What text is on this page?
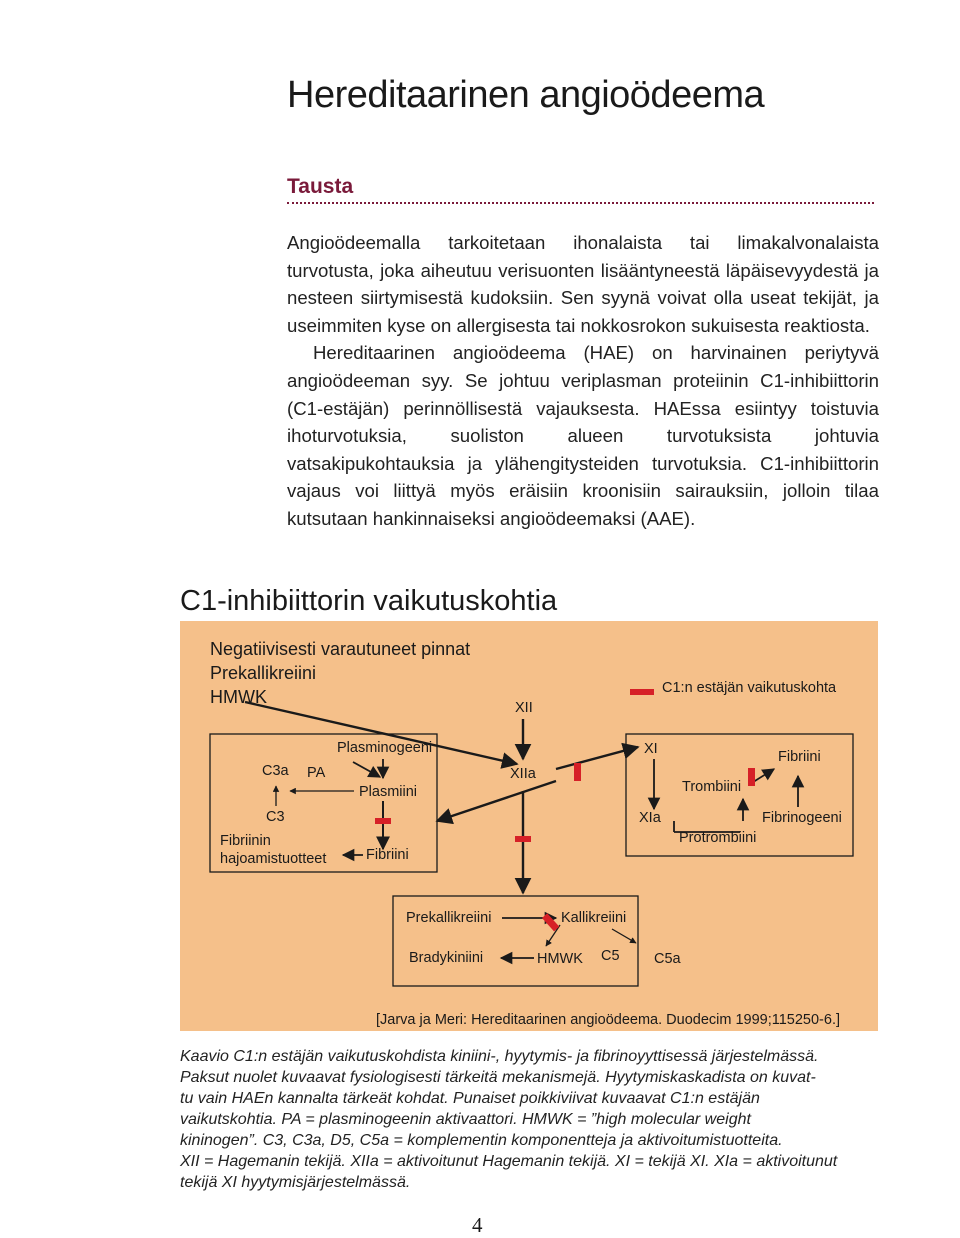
Hereditaarinen angioödeema
Tausta

Angioödeemalla tarkoitetaan ihonalaista tai limakalvonalaista turvotusta, joka aiheutuu verisuonten lisääntyneestä läpäisevyydestä ja nesteen siirtymisestä kudoksiin. Sen syynä voivat olla useat tekijät, ja useimmiten kyse on allergisesta tai nokkosrokon sukuisesta reaktiosta.

Hereditaarinen angioödeema (HAE) on harvinainen periytyvä angioödeeman syy. Se johtuu veriplasman proteiinin C1-inhibiittorin (C1-estäjän) perinnöllisestä vajauksesta. HAEssa esiintyy toistuvia ihoturvotuksia, suoliston alueen turvotuksista johtuvia vatsakipukohtauksia ja ylähengitysteiden turvotuksia. C1-inhibiittorin vajaus voi liittyä myös eräisiin kroonisiin sairauksiin, jolloin tilaa kutsutaan hankinnaiseksi angioödeemaksi (AAE).

C1-inhibiittorin vaikutuskohtia
Negatiivisesti varautuneet pinnat
Prekallikreiini
HMWK	C1:n estäjän vaikutuskohta
XII
XIIa
Plasminogeeni
PA
C3a
Plasmiini
C3
Fibriinin
hajoamistuotteet	Fibriini
XI	Fibriini
Trombiini
XIa	Fibrinogeeni
Protrombiini
Prekallikreiini	Kallikreiini
Bradykiniini	HMWK C5 C5a
[Jarva ja Meri: Hereditaarinen angioödeema. Duodecim 1999;115250-6.]
Kaavio C1:n estäjän vaikutuskohdista kiniini-, hyytymis- ja fibrinoyyttisessä järjestelmässä.
Paksut nuolet kuvaavat fysiologisesti tärkeitä mekanismejä. Hyytymiskaskadista on kuvat-
tu vain HAEn kannalta tärkeät kohdat. Punaiset poikkiviivat kuvaavat C1:n estäjän
vaikutskohtia. PA = plasminogeenin aktivaattori. HMWK = ”high molecular weight
kininogen”. C3, C3a, D5, C5a = komplementin komponentteja ja aktivoitumistuotteita.
XII = Hagemanin tekijä. XIIa = aktivoitunut Hagemanin tekijä. XI = tekijä XI. XIa = aktivoitunut
tekijä XI hyytymisjärjestelmässä.
4
